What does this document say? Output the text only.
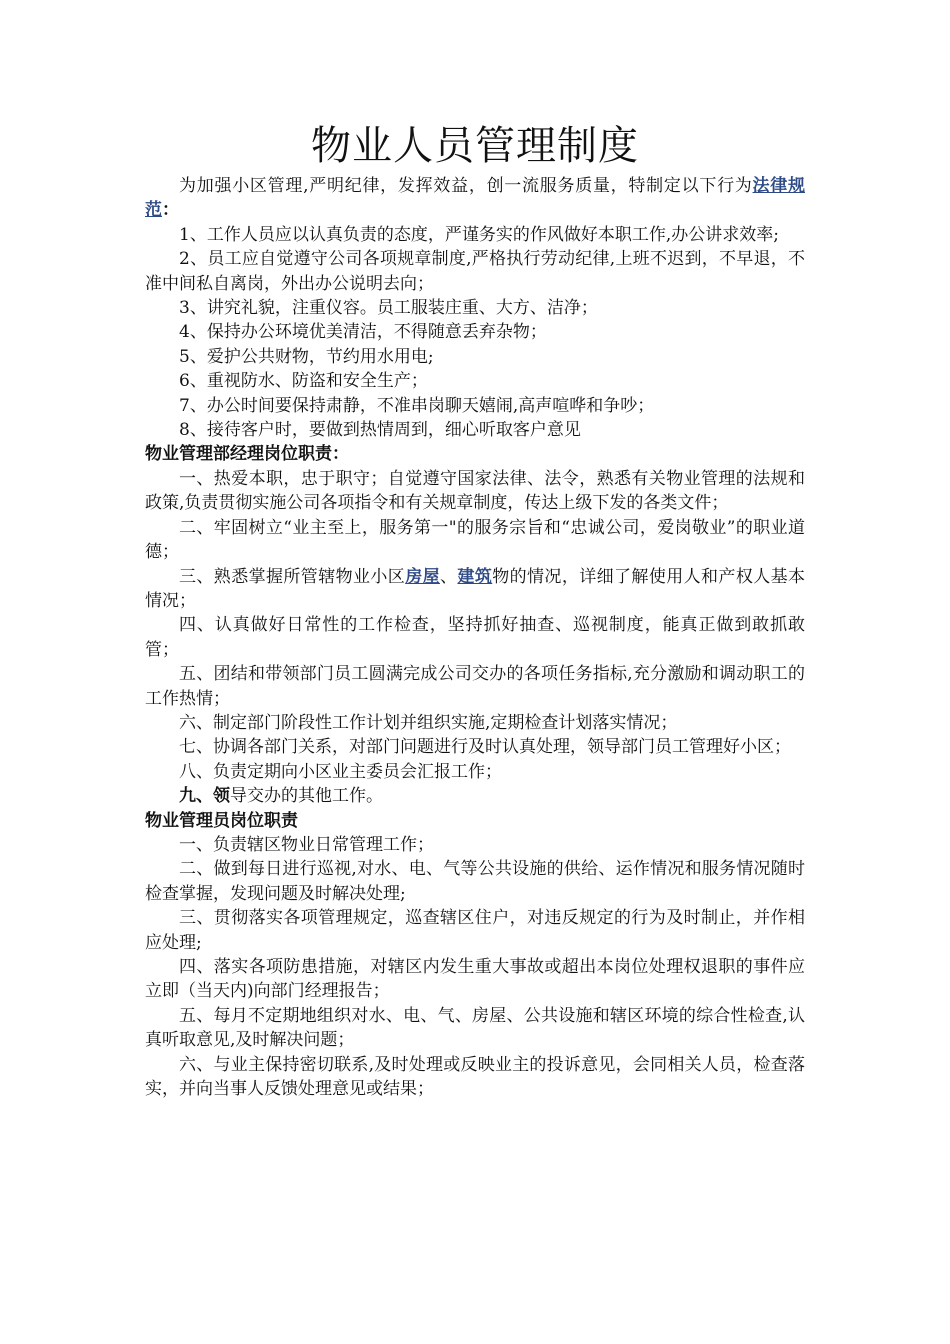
物业人员管理制度

为加强小区管理,严明纪律，发挥效益，创一流服务质量，特制定以下行为法律规范：

1、工作人员应以认真负责的态度，严谨务实的作风做好本职工作,办公讲求效率;

2、员工应自觉遵守公司各项规章制度,严格执行劳动纪律,上班不迟到，不早退，不准中间私自离岗，外出办公说明去向；

3、讲究礼貌，注重仪容。员工服装庄重、大方、洁净；

4、保持办公环境优美清洁，不得随意丢弃杂物；

5、爱护公共财物，节约用水用电;

6、重视防水、防盗和安全生产；

7、办公时间要保持肃静，不准串岗聊天嬉闹,高声喧哗和争吵；

8、接待客户时，要做到热情周到，细心听取客户意见

物业管理部经理岗位职责：

一、热爱本职，忠于职守；自觉遵守国家法律、法令，熟悉有关物业管理的法规和政策,负责贯彻实施公司各项指令和有关规章制度，传达上级下发的各类文件；

二、牢固树立“业主至上，服务第一"的服务宗旨和“忠诚公司，爱岗敬业”的职业道德；

三、熟悉掌握所管辖物业小区房屋、建筑物的情况，详细了解使用人和产权人基本情况；

四、认真做好日常性的工作检查，坚持抓好抽查、巡视制度，能真正做到敢抓敢管；

五、团结和带领部门员工圆满完成公司交办的各项任务指标,充分激励和调动职工的工作热情；

六、制定部门阶段性工作计划并组织实施,定期检查计划落实情况；

七、协调各部门关系，对部门问题进行及时认真处理，领导部门员工管理好小区；

八、负责定期向小区业主委员会汇报工作；

九、领导交办的其他工作。

物业管理员岗位职责

一、负责辖区物业日常管理工作；

二、做到每日进行巡视,对水、电、气等公共设施的供给、运作情况和服务情况随时检查掌握，发现问题及时解决处理;

三、贯彻落实各项管理规定，巡查辖区住户，对违反规定的行为及时制止，并作相应处理;

四、落实各项防患措施，对辖区内发生重大事故或超出本岗位处理权退职的事件应立即（当天内)向部门经理报告；

五、每月不定期地组织对水、电、气、房屋、公共设施和辖区环境的综合性检查,认真听取意见,及时解决问题；

六、与业主保持密切联系,及时处理或反映业主的投诉意见，会同相关人员，检查落实，并向当事人反馈处理意见或结果；
